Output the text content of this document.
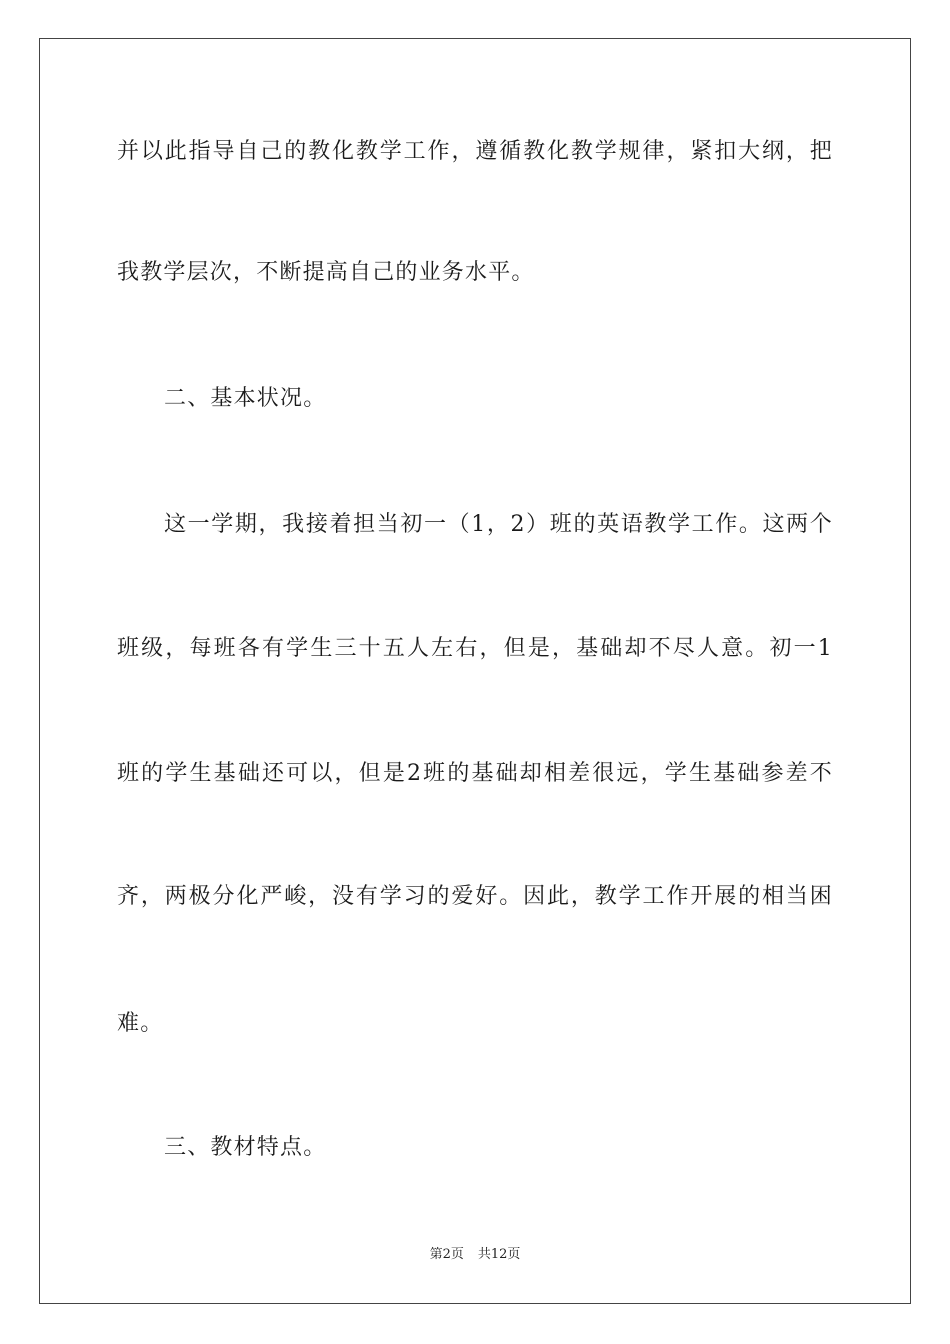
并以此指导自己的教化教学工作，遵循教化教学规律，紧扣大纲，把
我教学层次，不断提高自己的业务水平。
二、基本状况。
这一学期，我接着担当初一（1，2）班的英语教学工作。这两个
班级，每班各有学生三十五人左右，但是，基础却不尽人意。初一1
班的学生基础还可以，但是2班的基础却相差很远，学生基础参差不
齐，两极分化严峻，没有学习的爱好。因此，教学工作开展的相当困
难。
三、教材特点。
第2页 共12页
